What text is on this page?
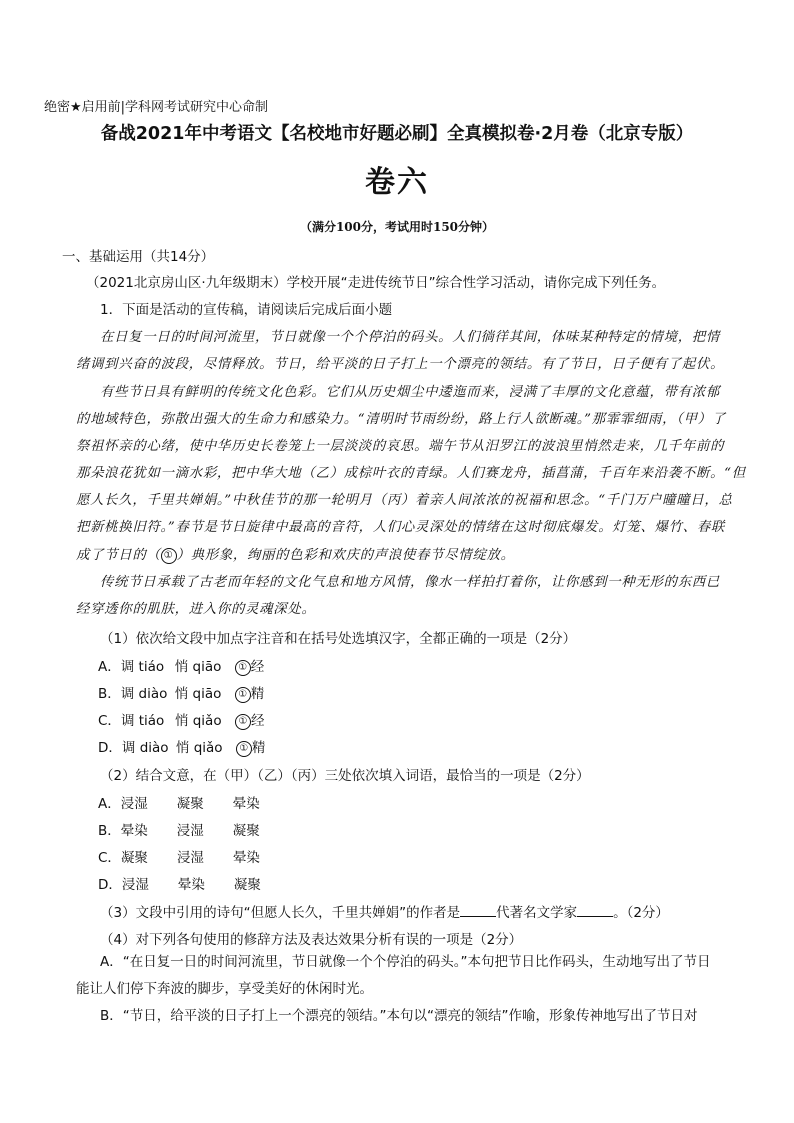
绝密★启用前|学科网考试研究中心命制
备战2021年中考语文【名校地市好题必刷】全真模拟卷·2月卷（北京专版）
卷六
（满分100分，考试用时150分钟）
一、基础运用（共14分）
（2021北京房山区·九年级期末）学校开展“走进传统节日”综合性学习活动，请你完成下列任务。
1．下面是活动的宣传稿，请阅读后完成后面小题
在日复一日的时间河流里，节日就像一个个停泊的码头。人们徜徉其间，体味某种特定的情境，把情
绪调到兴奋的波段，尽情释放。节日，给平淡的日子打上一个漂亮的领结。有了节日，日子便有了起伏。
有些节日具有鲜明的传统文化色彩。它们从历史烟尘中逶迤而来，浸满了丰厚的文化意蕴，带有浓郁
的地域特色，弥散出强大的生命力和感染力。“清明时节雨纷纷，路上行人欲断魂。”那霏霏细雨，（甲）了
祭祖怀亲的心绪，使中华历史长卷笼上一层淡淡的哀思。端午节从汨罗江的波浪里悄然走来，几千年前的
那朵浪花犹如一滴水彩，把中华大地（乙）成棕叶衣的青绿。人们赛龙舟，插菖蒲，千百年来沿袭不断。“但
愿人长久，千里共婵娟。”中秋佳节的那一轮明月（丙）着亲人间浓浓的祝福和思念。“千门万户曈曈日，总
把新桃换旧符。”春节是节日旋律中最高的音符，人们心灵深处的情绪在这时彻底爆发。灯笼、爆竹、春联
成了节日的（ ① ）典形象，绚丽的色彩和欢庆的声浪使春节尽情绽放。
传统节日承载了古老而年轻的文化气息和地方风情，像水一样拍打着你，让你感到一种无形的东西已
经穿透你的肌肤，进入你的灵魂深处。
（1）依次给文段中加点字注音和在括号处选填汉字，全都正确的一项是（2分）
A．调 tiáo 悄 qiāo ① 经
B．调 diào 悄 qiāo ① 精
C．调 tiáo 悄 qiǎo ① 经
D．调 diào 悄 qiǎo ① 精
（2）结合文意，在（甲）（乙）（丙）三处依次填入词语，最恰当的一项是（2分）
A．浸湿 凝聚 晕染
B．晕染 浸湿 凝聚
C．凝聚 浸湿 晕染
D．浸湿 晕染 凝聚
（3）文段中引用的诗句“但愿人长久，千里共婵娟”的作者是	代著名文学家	。（2分）
（4）对下列各句使用的修辞方法及表达效果分析有误的一项是（2分）
A．“在日复一日的时间河流里，节日就像一个个停泊的码头。”本句把节日比作码头，生动地写出了节日能让人们停下奔波的脚步，享受美好的休闲时光。
B．“节日，给平淡的日子打上一个漂亮的领结。”本句以“漂亮的领结”作喻，形象传神地写出了节日对
